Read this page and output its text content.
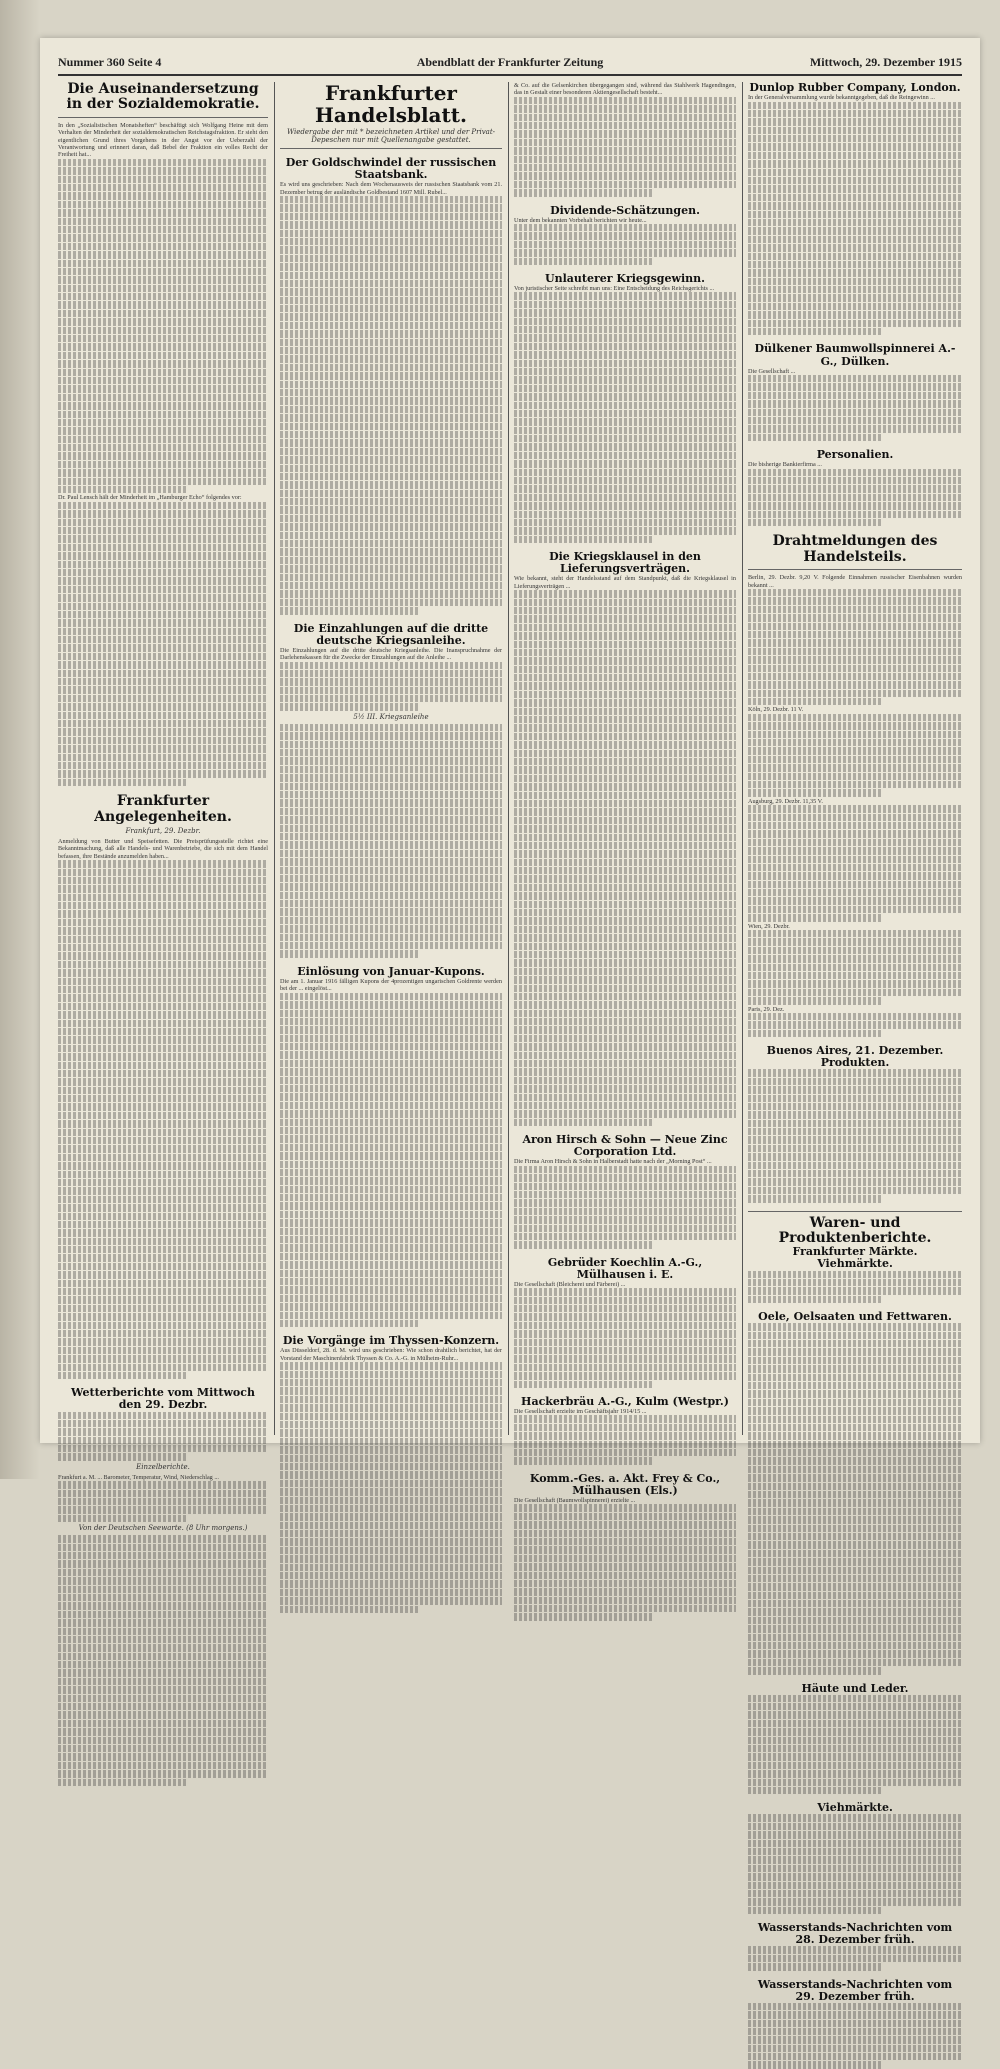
Nummer 360 Seite 4	Abendblatt der Frankfurter Zeitung	Mittwoch, 29. Dezember 1915
Die Auseinandersetzung in der Sozialdemokratie.
In den „Sozialistischen Monatsheften“ beschäftigt sich Wolfgang Heine mit dem Verhalten der Minderheit der sozialdemokratischen Reichstagsfraktion. Er sieht den eigentlichen Grund ihres Vorgehens in der Angst vor der Ueberzahl der Verantwortung und erinnert daran, daß Bebel der Fraktion ein volles Recht der Freiheit hat...
Dr. Paul Lensch hält der Minderheit im „Hamburger Echo“ folgendes vor:
Frankfurter Angelegenheiten.
Frankfurt, 29. Dezbr.
Anmeldung von Butter und Speisefetten. Die Preisprüfungsstelle richtet eine Bekanntmachung, daß alle Handels- und Warenbetriebe, die sich mit dem Handel befassen, ihre Bestände anzumelden haben...
Wetterberichte vom Mittwoch den 29. Dezbr.
Einzelberichte.
Frankfurt a. M. ... Barometer, Temperatur, Wind, Niederschlag ...
Von der Deutschen Seewarte. (8 Uhr morgens.)
Frankfurter Handelsblatt.
Wiedergabe der mit * bezeichneten Artikel und der Privat-Depeschen nur mit Quellenangabe gestattet.
Der Goldschwindel der russischen Staatsbank.
Es wird uns geschrieben: Nach dem Wochenausweis der russischen Staatsbank vom 21. Dezember betrug der ausländische Goldbestand 1607 Mill. Rubel...
Die Einzahlungen auf die dritte deutsche Kriegsanleihe.
Die Einzahlungen auf die dritte deutsche Kriegsanleihe. Die Inanspruchnahme der Darlehenskassen für die Zwecke der Einzahlungen auf die Anleihe ...
5½ III. Kriegsanleihe
Einlösung von Januar-Kupons.
Die am 1. Januar 1916 fälligen Kupons der 4prozentigen ungarischen Goldrente werden bei der ... eingelöst...
Die Vorgänge im Thyssen-Konzern.
Aus Düsseldorf, 28. d. M. wird uns geschrieben: Wie schon drahtlich berichtet, hat der Vorstand der Maschinenfabrik Thyssen & Co. A.-G. in Mülheim-Ruhr...
& Co. auf die Gelsenkirchen übergegangen sind, während das Stahlwerk Hagendingen, das in Gestalt einer besonderen Aktiengesellschaft besteht...
Dividende-Schätzungen.
Unter dem bekannten Vorbehalt berichten wir heute...
Unlauterer Kriegsgewinn.
Von juristischer Seite schreibt man uns: Eine Entscheidung des Reichsgerichts ...
Die Kriegsklausel in den Lieferungsverträgen.
Wie bekannt, steht der Handelsstand auf dem Standpunkt, daß die Kriegsklausel in Lieferungsverträgen ...
Aron Hirsch & Sohn — Neue Zinc Corporation Ltd.
Die Firma Aron Hirsch & Sohn in Halberstadt hatte nach der „Morning Post“ ...
Gebrüder Koechlin A.-G., Mülhausen i. E.
Die Gesellschaft (Bleicherei und Färberei) ...
Hackerbräu A.-G., Kulm (Westpr.)
Die Gesellschaft erzielte im Geschäftsjahr 1914/15 ...
Komm.-Ges. a. Akt. Frey & Co., Mülhausen (Els.)
Die Gesellschaft (Baumwollspinnerei) erzielte ...
Dunlop Rubber Company, London.
In der Generalversammlung wurde bekanntgegeben, daß die Reingewinn ...
Dülkener Baumwollspinnerei A.-G., Dülken.
Die Gesellschaft ...
Personalien.
Die bisherige Bankierfirma ...
Drahtmeldungen des Handelsteils.
Berlin, 29. Dezbr. 9,20 V. Folgende Einnahmen russischer Eisenbahnen wurden bekannt ...
Köln, 29. Dezbr. 11 V.
Augsburg, 29. Dezbr. 11,35 V.
Wien, 29. Dezbr.
Paris, 29. Dez.
Buenos Aires, 21. Dezember. Produkten.
Waren- und Produktenberichte.
Frankfurter Märkte.
Viehmärkte.
Oele, Oelsaaten und Fettwaren.
Häute und Leder.
Viehmärkte.
Wasserstands-Nachrichten vom 28. Dezember früh.
Wasserstands-Nachrichten vom 29. Dezember früh.
